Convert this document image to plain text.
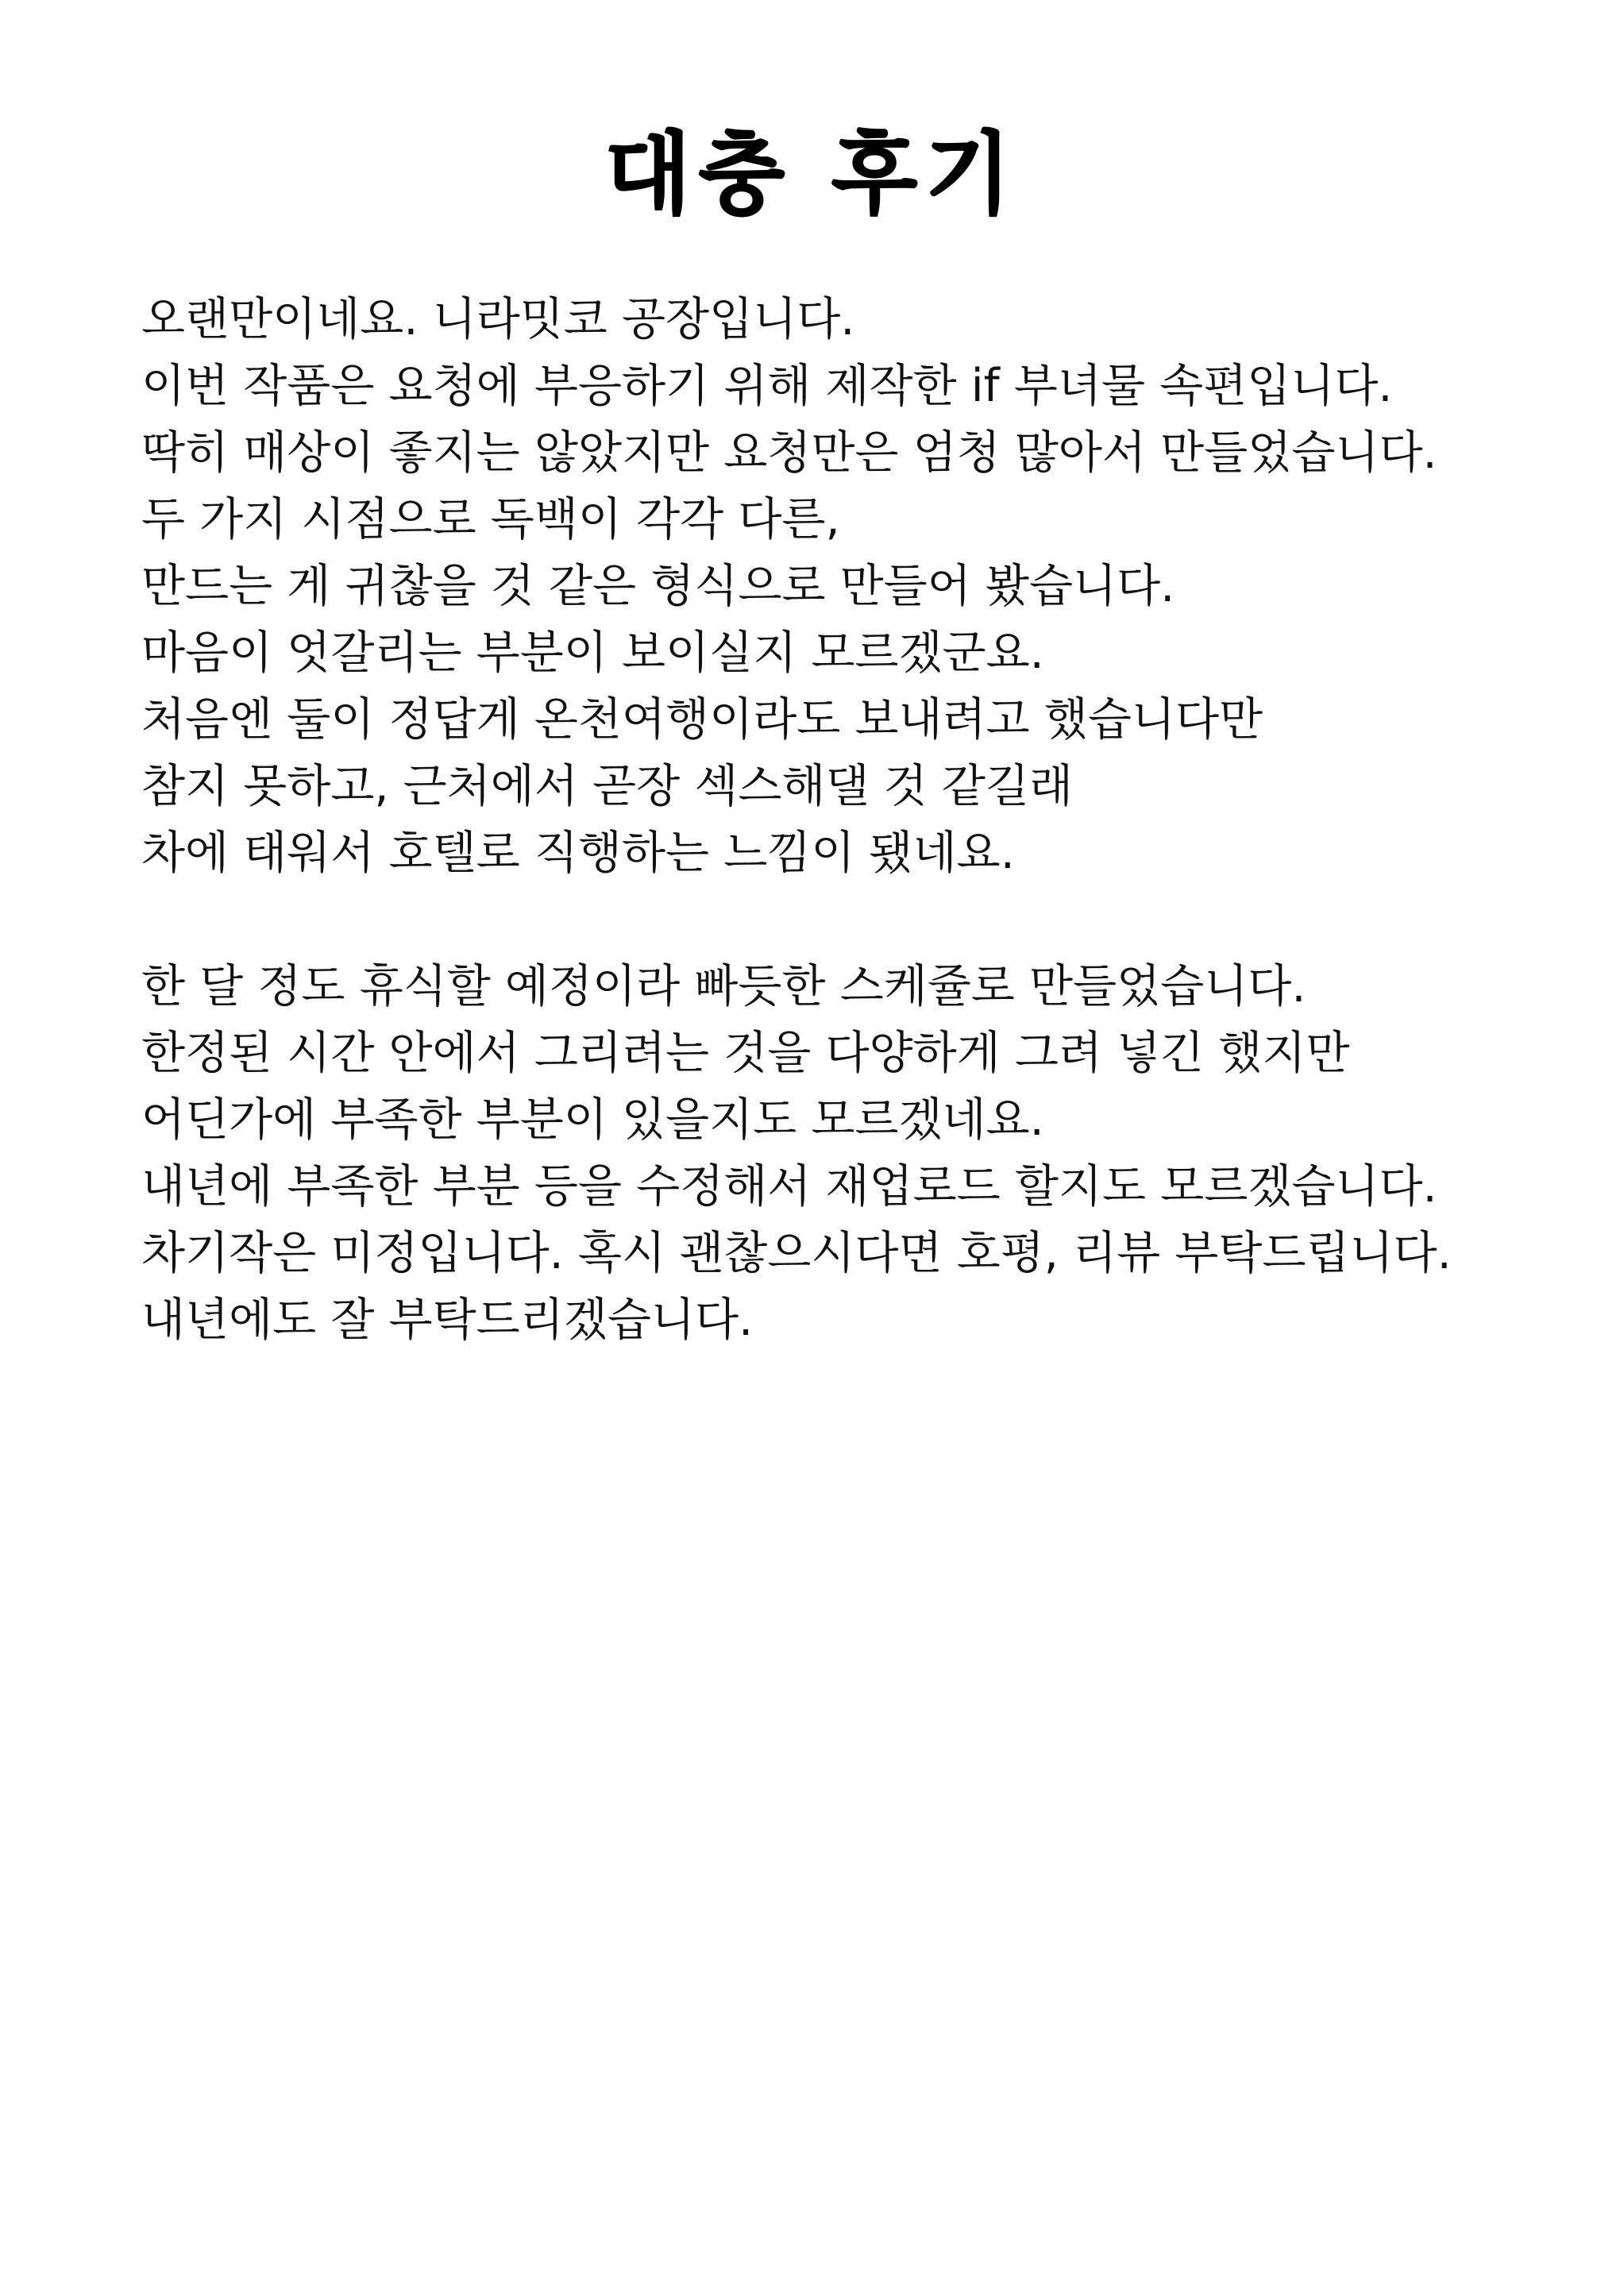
대충 후기

오랜만이네요. 니라밋코 공장입니다.
이번 작품은 요청에 부응하기 위해 제작한 if 부녀물 속편입니다.
딱히 매상이 좋지는 않았지만 요청만은 엄청 많아서 만들었습니다.
두 가지 시점으로 독백이 각각 다른,
만드는 게 귀찮을 것 같은 형식으로 만들어 봤습니다.
마음이 엇갈리는 부분이 보이실지 모르겠군요.
처음엔 둘이 정답게 온천여행이라도 보내려고 했습니다만
참지 못하고, 근처에서 곧장 섹스해댈 것 같길래
차에 태워서 호텔로 직행하는 느낌이 됐네요.

한 달 정도 휴식할 예정이라 빠듯한 스케쥴로 만들었습니다.
한정된 시간 안에서 그리려는 것을 다양하게 그려 넣긴 했지만
어딘가에 부족한 부분이 있을지도 모르겠네요.
내년에 부족한 부분 등을 수정해서 재업로드 할지도 모르겠습니다.
차기작은 미정입니다. 혹시 괜찮으시다면 호평, 리뷰 부탁드립니다.
내년에도 잘 부탁드리겠습니다.
